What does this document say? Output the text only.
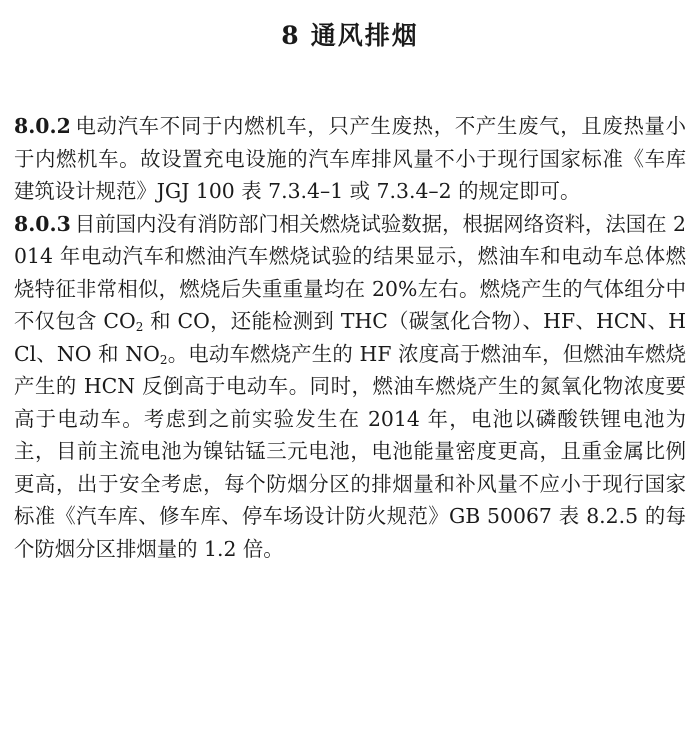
8 通风排烟

8.0.2 电动汽车不同于内燃机车，只产生废热，不产生废气，且废热量小于内燃机车。故设置充电设施的汽车库排风量不小于现行国家标准《车库建筑设计规范》JGJ 100 表 7.3.4–1 或 7.3.4–2 的规定即可。

8.0.3 目前国内没有消防部门相关燃烧试验数据，根据网络资料，法国在 2014 年电动汽车和燃油汽车燃烧试验的结果显示，燃油车和电动车总体燃烧特征非常相似，燃烧后失重重量均在 20%左右。燃烧产生的气体组分中不仅包含 $CO_2$ 和 CO，还能检测到 THC（碳氢化合物）、HF、HCN、HCl、NO 和 $NO_2$。电动车燃烧产生的 HF 浓度高于燃油车，但燃油车燃烧产生的 HCN 反倒高于电动车。同时，燃油车燃烧产生的氮氧化物浓度要高于电动车。考虑到之前实验发生在 2014 年，电池以磷酸铁锂电池为主，目前主流电池为镍钴锰三元电池，电池能量密度更高，且重金属比例更高，出于安全考虑，每个防烟分区的排烟量和补风量不应小于现行国家标准《汽车库、修车库、停车场设计防火规范》GB 50067 表 8.2.5 的每个防烟分区排烟量的 1.2 倍。
